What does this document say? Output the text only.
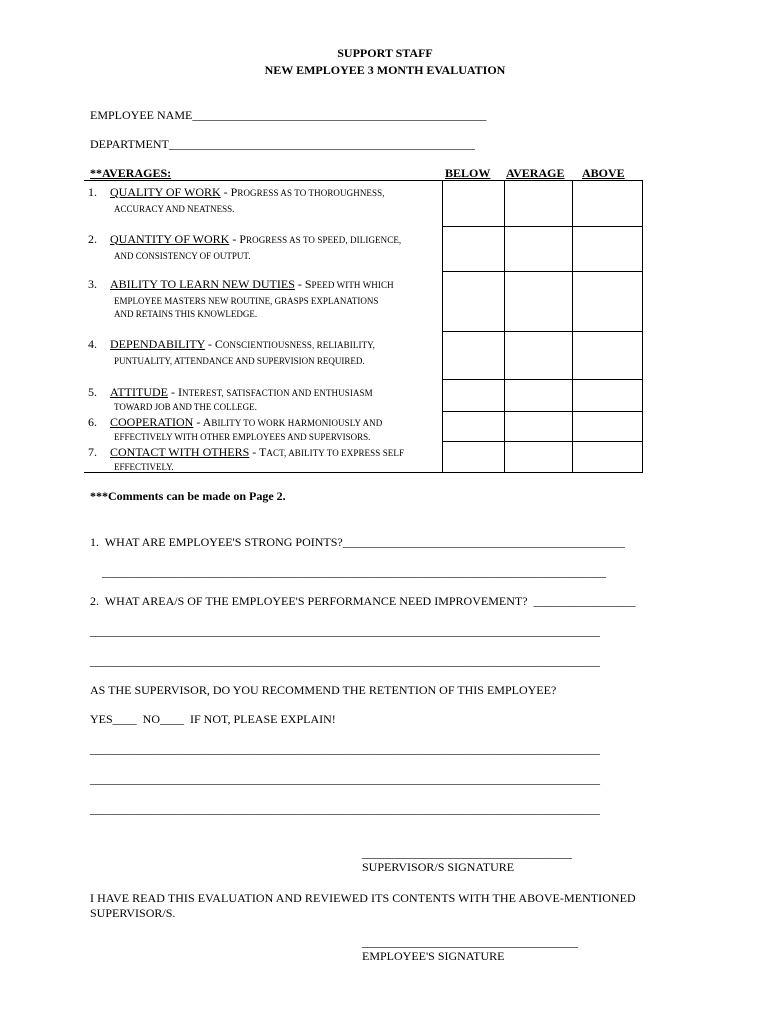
SUPPORT STAFF
NEW EMPLOYEE 3 MONTH EVALUATION
EMPLOYEE NAME_________________________________________________
DEPARTMENT___________________________________________________
**AVERAGES:	BELOW AVERAGE ABOVE
1. QUALITY OF WORK - PROGRESS AS TO THOROUGHNESS,
ACCURACY AND NEATNESS.			

2. QUANTITY OF WORK - PROGRESS AS TO SPEED, DILIGENCE,
AND CONSISTENCY OF OUTPUT.			

3. ABILITY TO LEARN NEW DUTIES - SPEED WITH WHICH
EMPLOYEE MASTERS NEW ROUTINE, GRASPS EXPLANATIONS
AND RETAINS THIS KNOWLEDGE.			

4. DEPENDABILITY - CONSCIENTIOUSNESS, RELIABILITY,
PUNTUALITY, ATTENDANCE AND SUPERVISION REQUIRED.			

5. ATTITUDE - INTEREST, SATISFACTION AND ENTHUSIASM
TOWARD JOB AND THE COLLEGE.			

6. COOPERATION - ABILITY TO WORK HARMONIOUSLY AND
EFFECTIVELY WITH OTHER EMPLOYEES AND SUPERVISORS.			

7. CONTACT WITH OTHERS - TACT, ABILITY TO EXPRESS SELF
EFFECTIVELY.			

***Comments can be made on Page 2.
1.  WHAT ARE EMPLOYEE'S STRONG POINTS?_______________________________________________
____________________________________________________________________________________
2.  WHAT AREA/S OF THE EMPLOYEE'S PERFORMANCE NEED IMPROVEMENT?  _________________
_____________________________________________________________________________________
_____________________________________________________________________________________
AS THE SUPERVISOR, DO YOU RECOMMEND THE RETENTION OF THIS EMPLOYEE?
YES____  NO____  IF NOT, PLEASE EXPLAIN!
_____________________________________________________________________________________
_____________________________________________________________________________________
_____________________________________________________________________________________
___________________________________
SUPERVISOR/S SIGNATURE
I HAVE READ THIS EVALUATION AND REVIEWED ITS CONTENTS WITH THE ABOVE-MENTIONED
SUPERVISOR/S.
____________________________________
EMPLOYEE'S SIGNATURE
